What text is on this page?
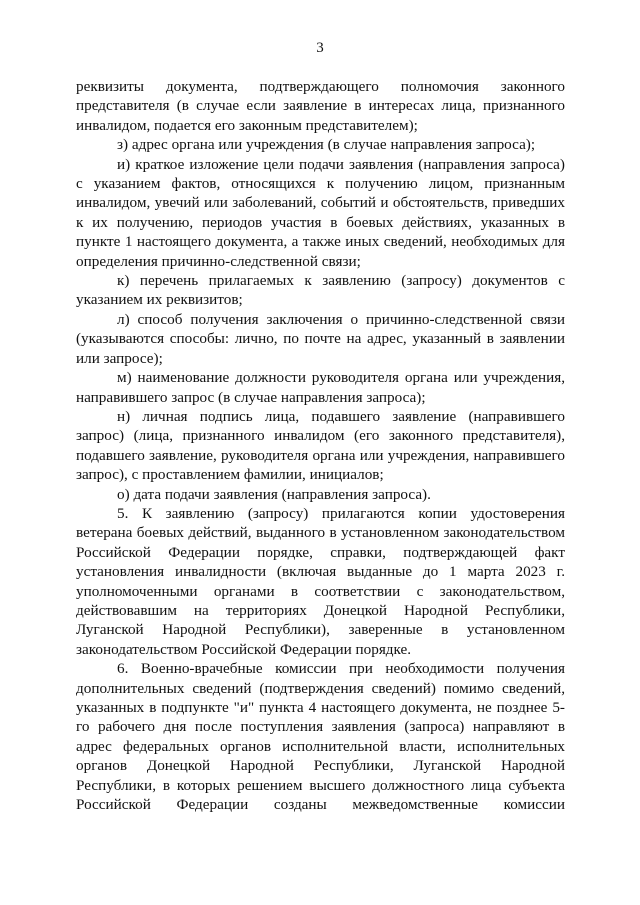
3

реквизиты документа, подтверждающего полномочия законного представителя (в случае если заявление в интересах лица, признанного инвалидом, подается его законным представителем);

з) адрес органа или учреждения (в случае направления запроса);

и) краткое изложение цели подачи заявления (направления запроса) с указанием фактов, относящихся к получению лицом, признанным инвалидом, увечий или заболеваний, событий и обстоятельств, приведших к их получению, периодов участия в боевых действиях, указанных в пункте 1 настоящего документа, а также иных сведений, необходимых для определения причинно-следственной связи;

к) перечень прилагаемых к заявлению (запросу) документов с указанием их реквизитов;

л) способ получения заключения о причинно-следственной связи (указываются способы: лично, по почте на адрес, указанный в заявлении или запросе);

м) наименование должности руководителя органа или учреждения, направившего запрос (в случае направления запроса);

н) личная подпись лица, подавшего заявление (направившего запрос) (лица, признанного инвалидом (его законного представителя), подавшего заявление, руководителя органа или учреждения, направившего запрос), с проставлением фамилии, инициалов;

о) дата подачи заявления (направления запроса).

5. К заявлению (запросу) прилагаются копии удостоверения ветерана боевых действий, выданного в установленном законодательством Российской Федерации порядке, справки, подтверждающей факт установления инвалидности (включая выданные до 1 марта 2023 г. уполномоченными органами в соответствии с законодательством, действовавшим на территориях Донецкой Народной Республики, Луганской Народной Республики), заверенные в установленном законодательством Российской Федерации порядке.

6. Военно-врачебные комиссии при необходимости получения дополнительных сведений (подтверждения сведений) помимо сведений, указанных в подпункте "и" пункта 4 настоящего документа, не позднее 5-го рабочего дня после поступления заявления (запроса) направляют в адрес федеральных органов исполнительной власти, исполнительных органов Донецкой Народной Республики, Луганской Народной Республики, в которых решением высшего должностного лица субъекта Российской Федерации созданы межведомственные комиссии
